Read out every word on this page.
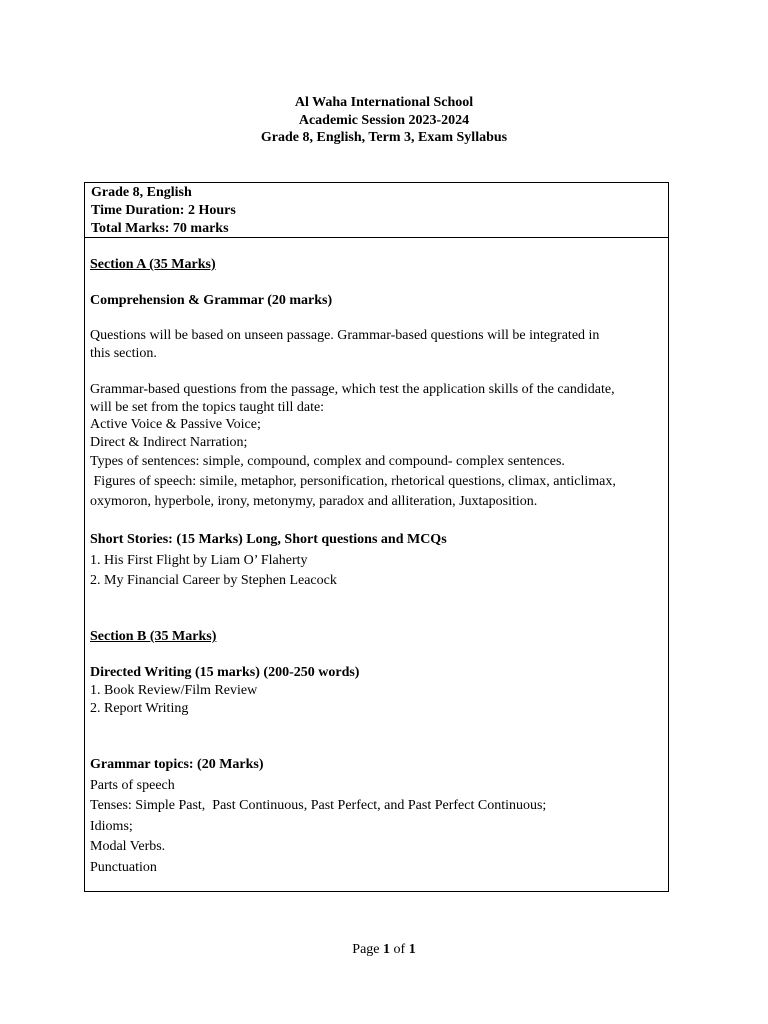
Al Waha International School
Academic Session 2023-2024
Grade 8, English, Term 3, Exam Syllabus
Grade 8, English
Time Duration: 2 Hours
Total Marks: 70 marks
Section A (35 Marks)
Comprehension & Grammar (20 marks)
Questions will be based on unseen passage. Grammar-based questions will be integrated in
this section.
Grammar-based questions from the passage, which test the application skills of the candidate,
will be set from the topics taught till date:
Active Voice & Passive Voice;
Direct & Indirect Narration;
Types of sentences: simple, compound, complex and compound- complex sentences.
Figures of speech: simile, metaphor, personification, rhetorical questions, climax, anticlimax,
oxymoron, hyperbole, irony, metonymy, paradox and alliteration, Juxtaposition.
Short Stories: (15 Marks) Long, Short questions and MCQs
1. His First Flight by Liam O’ Flaherty
2. My Financial Career by Stephen Leacock
Section B (35 Marks)
Directed Writing (15 marks) (200-250 words)
1. Book Review/Film Review
2. Report Writing
Grammar topics: (20 Marks)
Parts of speech
Tenses: Simple Past,  Past Continuous, Past Perfect, and Past Perfect Continuous;
Idioms;
Modal Verbs.
Punctuation
Page 1 of 1
